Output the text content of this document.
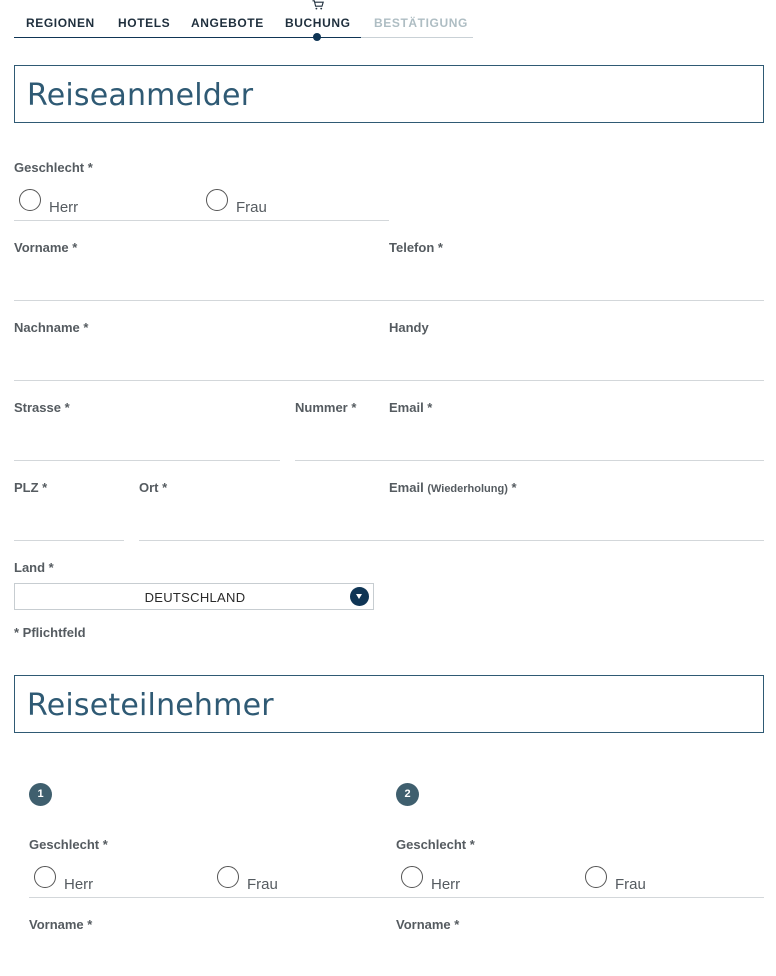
REGIONEN HOTELS ANGEBOTE BUCHUNG BESTÄTIGUNG
Reiseanmelder
Geschlecht *
Herr	Frau
Vorname *	Telefon *
Nachname *	Handy
Strasse *	Nummer *	Email *
PLZ *	Ort *	Email (Wiederholung) *
Land *
DEUTSCHLAND
* Pflichtfeld
Reiseteilnehmer
1
Geschlecht *
Herr	Frau
Vorname *
2
Geschlecht *
Herr	Frau
Vorname *
